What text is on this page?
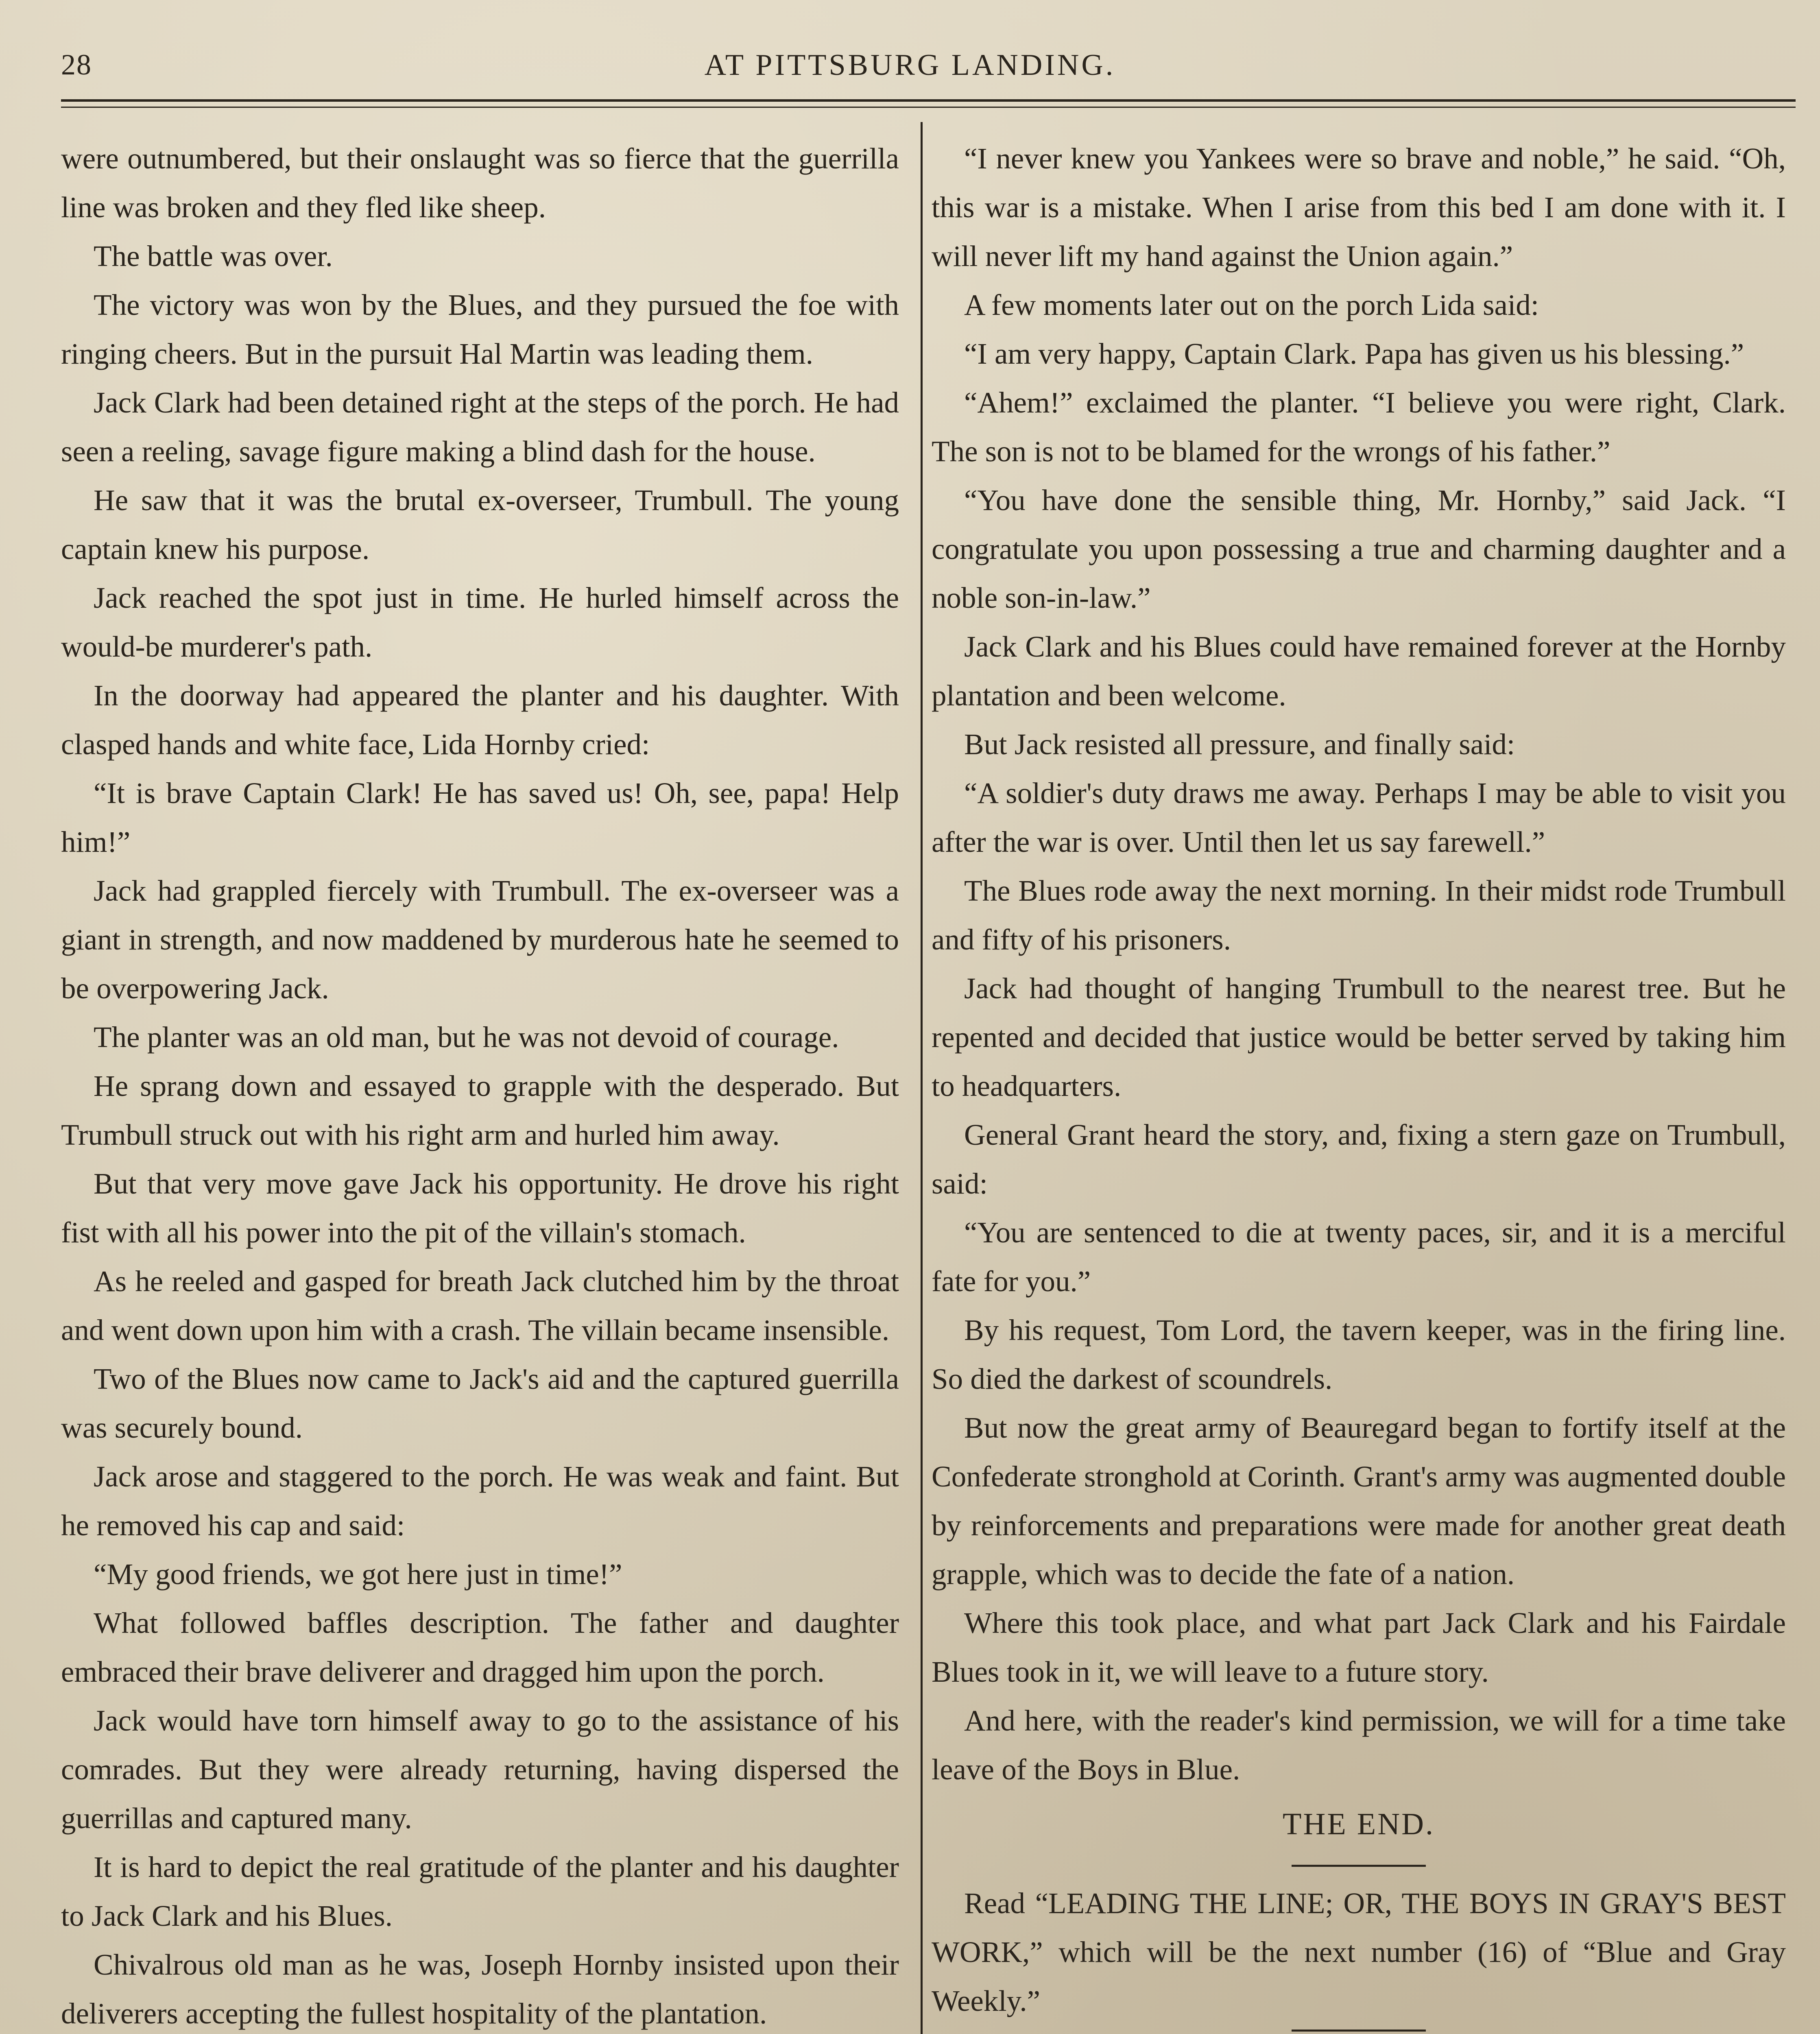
28	AT PITTSBURG LANDING.

were outnumbered, but their onslaught was so fierce that the guerrilla line was broken and they fled like sheep.

The battle was over.

The victory was won by the Blues, and they pursued the foe with ringing cheers. But in the pursuit Hal Martin was leading them.

Jack Clark had been detained right at the steps of the porch. He had seen a reeling, savage figure making a blind dash for the house.

He saw that it was the brutal ex-overseer, Trumbull. The young captain knew his purpose.

Jack reached the spot just in time. He hurled himself across the would-be murderer's path.

In the doorway had appeared the planter and his daughter. With clasped hands and white face, Lida Hornby cried:

“It is brave Captain Clark! He has saved us! Oh, see, papa! Help him!”

Jack had grappled fiercely with Trumbull. The ex-overseer was a giant in strength, and now maddened by murderous hate he seemed to be overpowering Jack.

The planter was an old man, but he was not devoid of courage.

He sprang down and essayed to grapple with the desperado. But Trumbull struck out with his right arm and hurled him away.

But that very move gave Jack his opportunity. He drove his right fist with all his power into the pit of the villain's stomach.

As he reeled and gasped for breath Jack clutched him by the throat and went down upon him with a crash. The villain became insensible.

Two of the Blues now came to Jack's aid and the captured guerrilla was securely bound.

Jack arose and staggered to the porch. He was weak and faint. But he removed his cap and said:

“My good friends, we got here just in time!”

What followed baffles description. The father and daughter embraced their brave deliverer and dragged him upon the porch.

Jack would have torn himself away to go to the assistance of his comrades. But they were already returning, having dispersed the guerrillas and captured many.

It is hard to depict the real gratitude of the planter and his daughter to Jack Clark and his Blues.

Chivalrous old man as he was, Joseph Hornby insisted upon their deliverers accepting the fullest hospitality of the plantation.

“I never knew you Yankees were so brave and noble,” he said. “Oh, this war is a mistake. When I arise from this bed I am done with it. I will never lift my hand against the Union again.”

A few moments later out on the porch Lida said:

“I am very happy, Captain Clark. Papa has given us his blessing.”

“Ahem!” exclaimed the planter. “I believe you were right, Clark. The son is not to be blamed for the wrongs of his father.”

“You have done the sensible thing, Mr. Hornby,” said Jack. “I congratulate you upon possessing a true and charming daughter and a noble son-in-law.”

Jack Clark and his Blues could have remained forever at the Hornby plantation and been welcome.

But Jack resisted all pressure, and finally said:

“A soldier's duty draws me away. Perhaps I may be able to visit you after the war is over. Until then let us say farewell.”

The Blues rode away the next morning. In their midst rode Trumbull and fifty of his prisoners.

Jack had thought of hanging Trumbull to the nearest tree. But he repented and decided that justice would be better served by taking him to headquarters.

General Grant heard the story, and, fixing a stern gaze on Trumbull, said:

“You are sentenced to die at twenty paces, sir, and it is a merciful fate for you.”

By his request, Tom Lord, the tavern keeper, was in the firing line. So died the darkest of scoundrels.

But now the great army of Beauregard began to fortify itself at the Confederate stronghold at Corinth. Grant's army was augmented double by reinforcements and preparations were made for another great death grapple, which was to decide the fate of a nation.

Where this took place, and what part Jack Clark and his Fairdale Blues took in it, we will leave to a future story.

And here, with the reader's kind permission, we will for a time take leave of the Boys in Blue.

THE END.

Read “LEADING THE LINE; OR, THE BOYS IN GRAY'S BEST WORK,” which will be the next number (16) of “Blue and Gray Weekly.”
